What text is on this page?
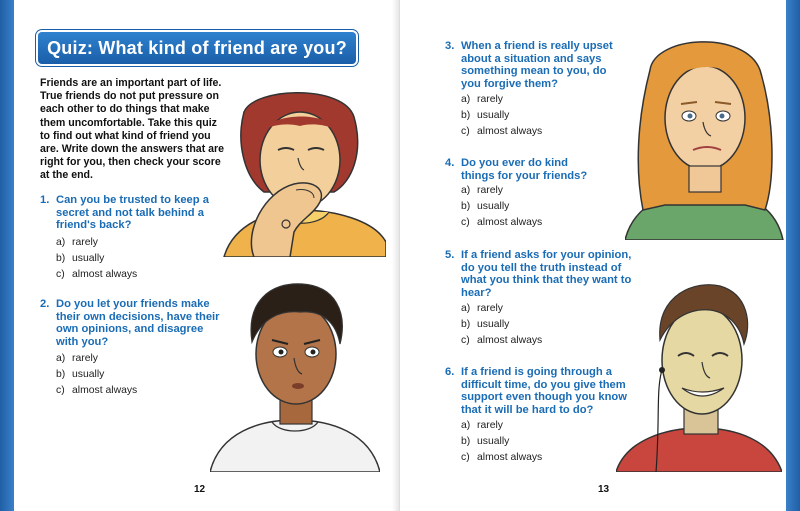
Quiz: What kind of friend are you?
Friends are an important part of life. True friends do not put pressure on each other to do things that make them uncomfortable. Take this quiz to find out what kind of friend you are. Write down the answers that are right for you, then check your score at the end.
1. Can you be trusted to keep a secret and not talk behind a friend's back?
a) rarely
b) usually
c) almost always
2. Do you let your friends make their own decisions, have their own opinions, and disagree with you?
a) rarely
b) usually
c) almost always
12
3. When a friend is really upset about a situation and says something mean to you, do you forgive them?
a) rarely
b) usually
c) almost always
4. Do you ever do kind things for your friends?
a) rarely
b) usually
c) almost always
5. If a friend asks for your opinion, do you tell the truth instead of what you think that they want to hear?
a) rarely
b) usually
c) almost always
6. If a friend is going through a difficult time, do you give them support even though you know that it will be hard to do?
a) rarely
b) usually
c) almost always
13
